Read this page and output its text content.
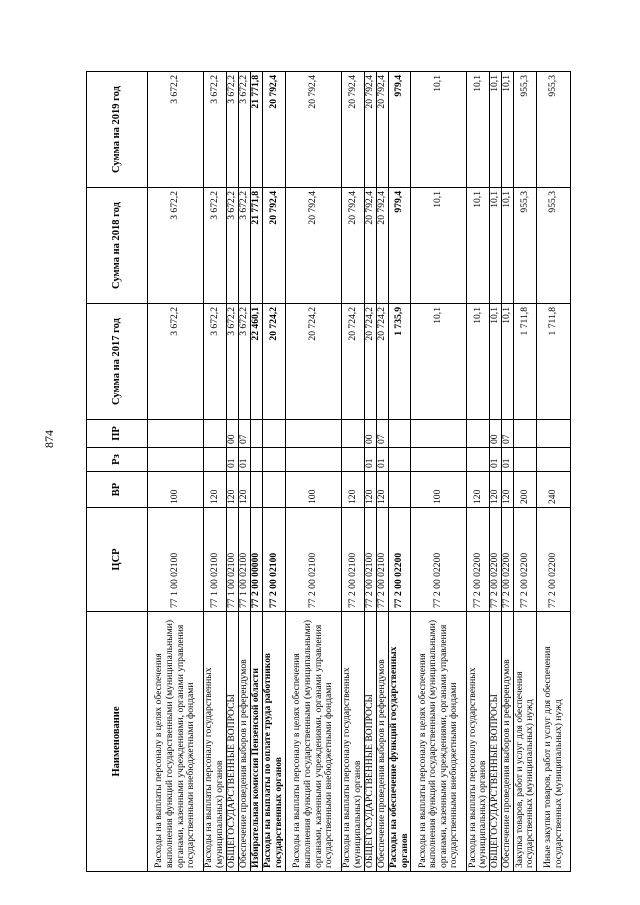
874
Наименование	ЦСР	ВР	Рз	ПР	Сумма на 2017 год	Сумма на 2018 год	Сумма на 2019 год
Расходы на выплаты персоналу в целях обеспечения выполнения функций государственными (муниципальными) органами, казенными учреждениями, органами управления государственными внебюджетными фондами	77 1 00 02100	100			3 672,2	3 672,2	3 672,2
Расходы на выплаты персоналу государственных (муниципальных) органов	77 1 00 02100	120			3 672,2	3 672,2	3 672,2
ОБЩЕГОСУДАРСТВЕННЫЕ ВОПРОСЫ	77 1 00 02100	120	01	00	3 672,2	3 672,2	3 672,2
Обеспечение проведения выборов и референдумов	77 1 00 02100	120	01	07	3 672,2	3 672,2	3 672,2
Избирательная комиссия Пензенской области	77 2 00 00000				22 460,1	21 771,8	21 771,8
Расходы на выплаты по оплате труда работников государственных органов	77 2 00 02100				20 724,2	20 792,4	20 792,4
Расходы на выплаты персоналу в целях обеспечения выполнения функций государственными (муниципальными) органами, казенными учреждениями, органами управления государственными внебюджетными фондами	77 2 00 02100	100			20 724,2	20 792,4	20 792,4
Расходы на выплаты персоналу государственных (муниципальных) органов	77 2 00 02100	120			20 724,2	20 792,4	20 792,4
ОБЩЕГОСУДАРСТВЕННЫЕ ВОПРОСЫ	77 2 00 02100	120	01	00	20 724,2	20 792,4	20 792,4
Обеспечение проведения выборов и референдумов	77 2 00 02100	120	01	07	20 724,2	20 792,4	20 792,4
Расходы на обеспечение функций государственных органов	77 2 00 02200				1 735,9	979,4	979,4
Расходы на выплаты персоналу в целях обеспечения выполнения функций государственными (муниципальными) органами, казенными учреждениями, органами управления государственными внебюджетными фондами	77 2 00 02200	100			10,1	10,1	10,1
Расходы на выплаты персоналу государственных (муниципальных) органов	77 2 00 02200	120			10,1	10,1	10,1
ОБЩЕГОСУДАРСТВЕННЫЕ ВОПРОСЫ	77 2 00 02200	120	01	00	10,1	10,1	10,1
Обеспечение проведения выборов и референдумов	77 2 00 02200	120	01	07	10,1	10,1	10,1
Закупка товаров, работ и услуг для обеспечения государственных (муниципальных) нужд	77 2 00 02200	200			1 711,8	955,3	955,3
Иные закупки товаров, работ и услуг для обеспечения государственных (муниципальных) нужд	77 2 00 02200	240			1 711,8	955,3	955,3
